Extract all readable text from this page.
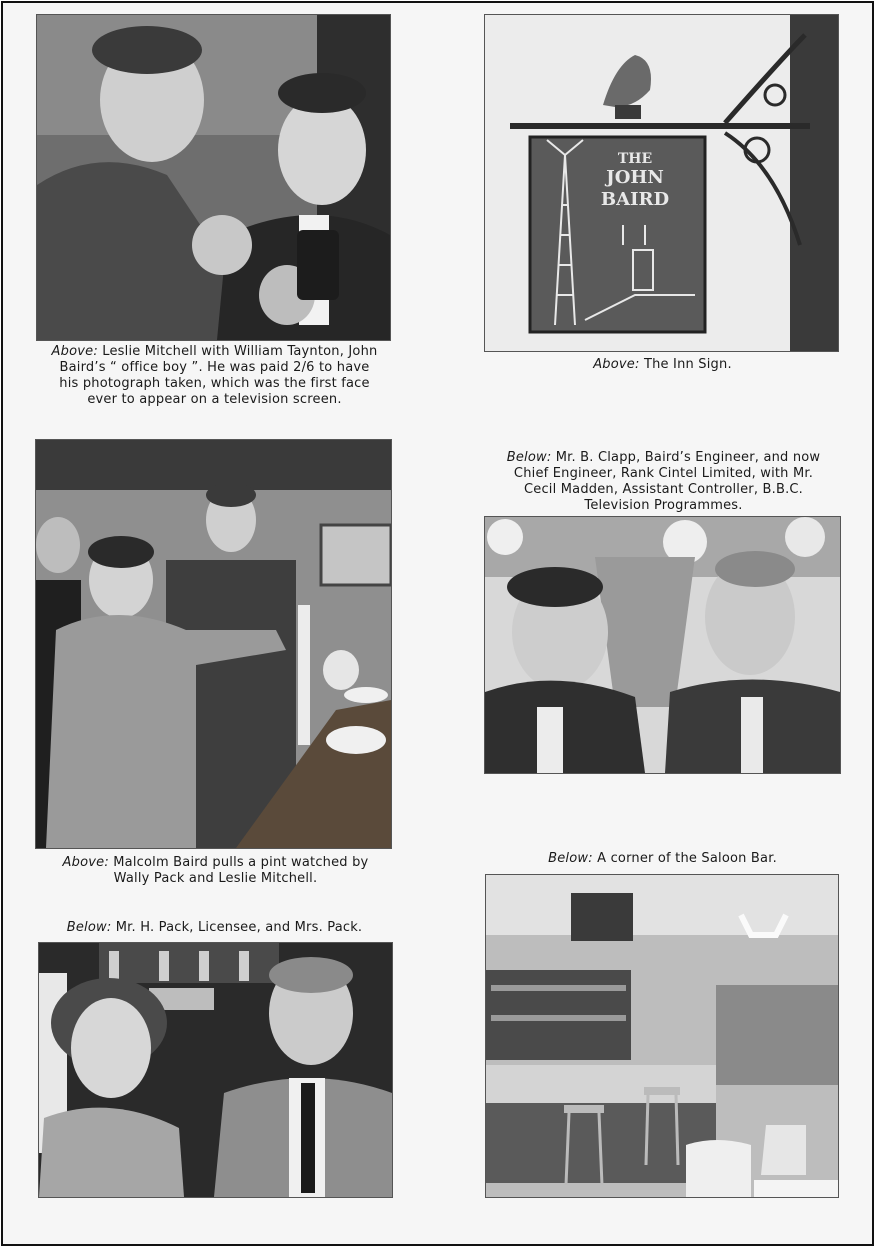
Above: Leslie Mitchell with William Taynton, John Baird’s “ office boy ”. He was paid 2/6 to have his photograph taken, which was the first face ever to appear on a television screen.
THE
JOHN
BAIRD
Above: The Inn Sign.
Below: Mr. B. Clapp, Baird’s Engineer, and now Chief Engineer, Rank Cintel Limited, with Mr. Cecil Madden, Assistant Controller, B.B.C. Television Programmes.
Above: Malcolm Baird pulls a pint watched by Wally Pack and Leslie Mitchell.
Below: A corner of the Saloon Bar.
Below: Mr. H. Pack, Licensee, and Mrs. Pack.
